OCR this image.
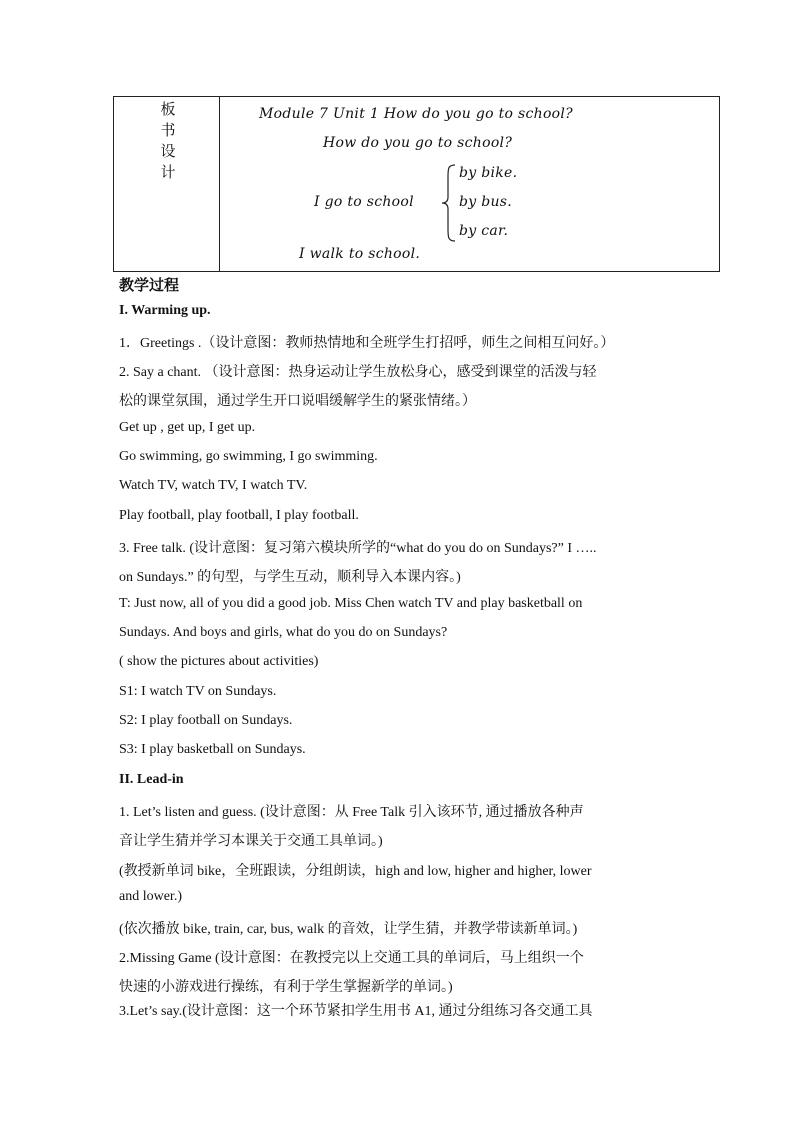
板
书
设
计
Module 7 Unit 1 How do you go to school?
How do you go to school?
I go to school
by bike.
by bus.
by car.
I walk to school.
教学过程
I. Warming up.
1．Greetings .（设计意图：教师热情地和全班学生打招呼，师生之间相互问好。）
2. Say a chant. （设计意图：热身运动让学生放松身心，感受到课堂的活泼与轻
松的课堂氛围，通过学生开口说唱缓解学生的紧张情绪。）
Get up , get up, I get up.
Go swimming, go swimming, I go swimming.
Watch TV, watch TV, I watch TV.
Play football, play football, I play football.
3. Free talk. (设计意图：复习第六模块所学的“what do you do on Sundays?” I …..
on Sundays.” 的句型，与学生互动，顺利导入本课内容。)
T: Just now, all of you did a good job. Miss Chen watch TV and play basketball on
Sundays. And boys and girls, what do you do on Sundays?
( show the pictures about activities)
S1: I watch TV on Sundays.
S2: I play football on Sundays.
S3: I play basketball on Sundays.
II. Lead-in
1. Let’s listen and guess. (设计意图：从 Free Talk 引入该环节, 通过播放各种声
音让学生猜并学习本课关于交通工具单词。)
(教授新单词 bike，全班跟读，分组朗读，high and low, higher and higher, lower
and lower.)
(依次播放 bike, train, car, bus, walk 的音效，让学生猜，并教学带读新单词。)
2.Missing Game (设计意图：在教授完以上交通工具的单词后，马上组织一个
快速的小游戏进行操练，有利于学生掌握新学的单词。)
3.Let’s say.(设计意图：这一个环节紧扣学生用书 A1, 通过分组练习各交通工具
